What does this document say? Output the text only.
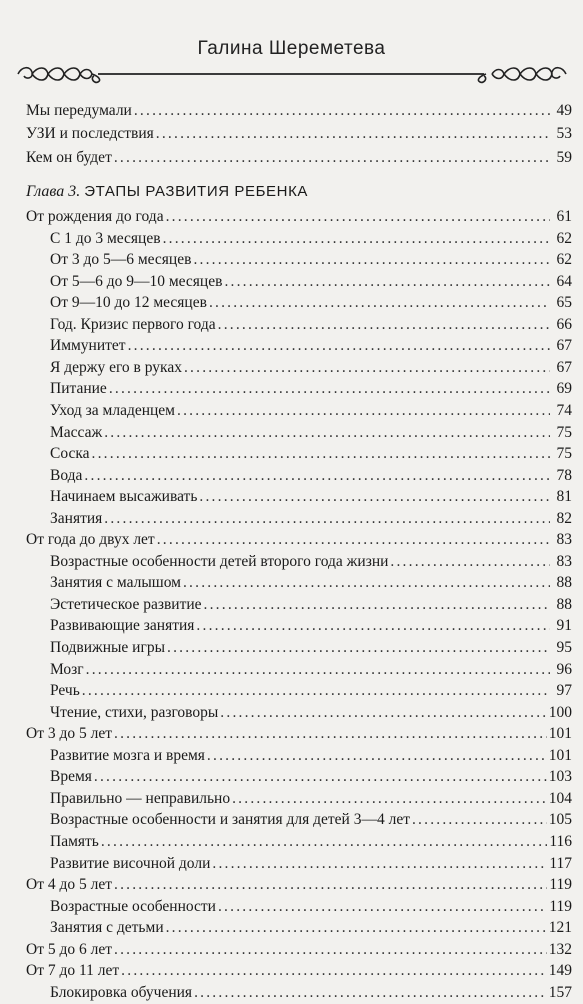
Галина Шереметева
Мы передумали .....	49
УЗИ и последствия .....	53
Кем он будет .....	59
Глава 3. ЭТАПЫ РАЗВИТИЯ РЕБЕНКА
От рождения до года .....	61
С 1 до 3 месяцев .....	62
От 3 до 5—6 месяцев .....	62
От 5—6 до 9—10 месяцев .....	64
От 9—10 до 12 месяцев .....	65
Год. Кризис первого года .....	66
Иммунитет .....	67
Я держу его в руках .....	67
Питание .....	69
Уход за младенцем .....	74
Массаж .....	75
Соска .....	75
Вода .....	78
Начинаем высаживать .....	81
Занятия .....	82
От года до двух лет .....	83
Возрастные особенности детей второго года жизни .....	83
Занятия с малышом .....	88
Эстетическое развитие .....	88
Развивающие занятия .....	91
Подвижные игры .....	95
Мозг .....	96
Речь .....	97
Чтение, стихи, разговоры .....	100
От 3 до 5 лет .....	101
Развитие мозга и время .....	101
Время .....	103
Правильно — неправильно .....	104
Возрастные особенности и занятия для детей 3—4 лет .....	105
Память .....	116
Развитие височной доли .....	117
От 4 до 5 лет .....	119
Возрастные особенности .....	119
Занятия с детьми .....	121
От 5 до 6 лет .....	132
От 7 до 11 лет .....	149
Блокировка обучения .....	157
